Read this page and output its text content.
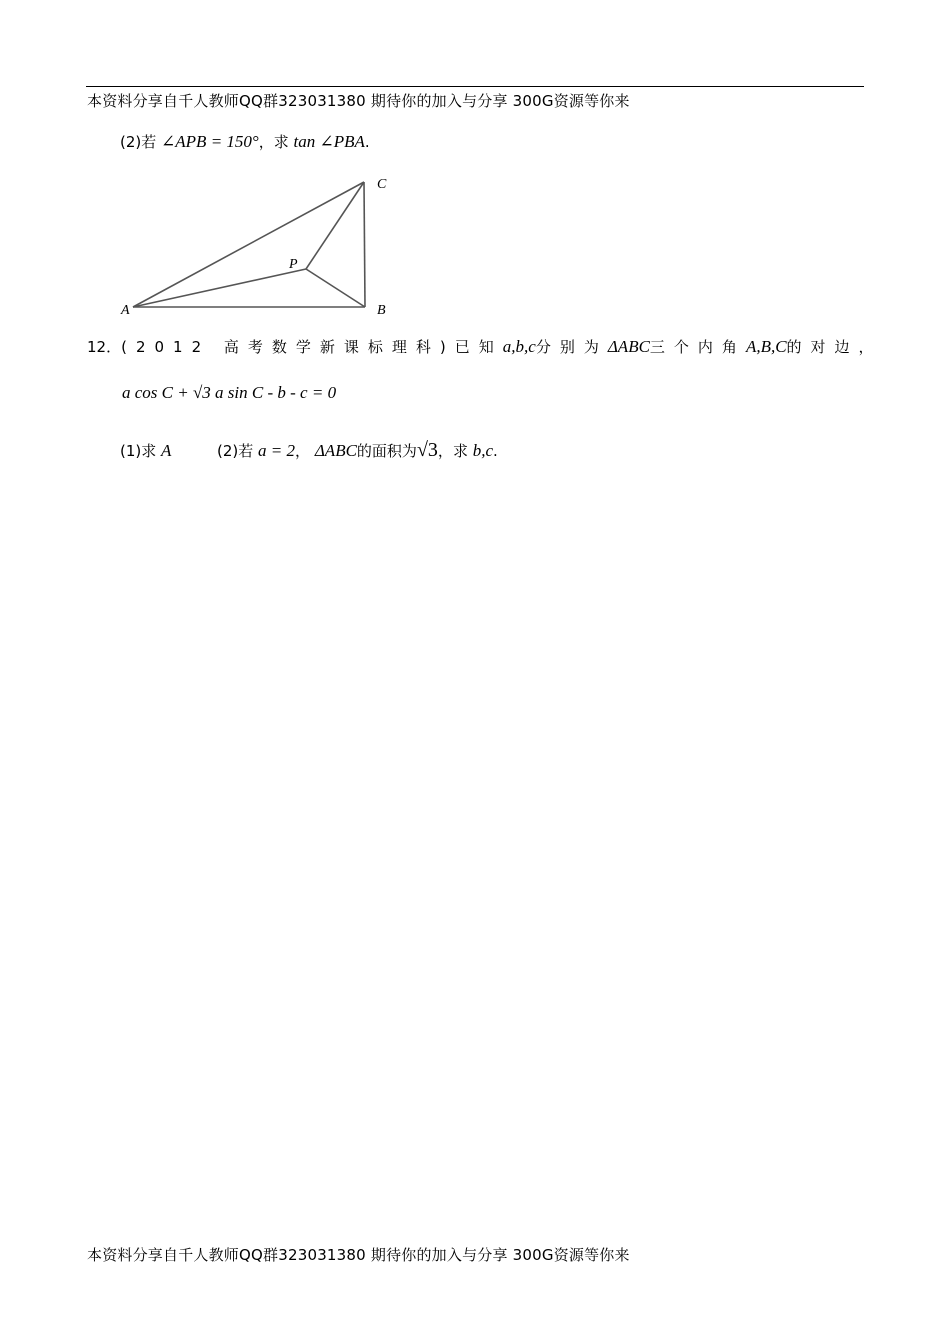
本资料分享自千人教师QQ群323031380 期待你的加入与分享 300G资源等你来
(2)若 ∠APB = 150°，求 tan ∠PBA.
A	B
C
P
12． (2012 高考数学新课标理科) 已知 a,b,c 分别为 ΔABC 三个内角 A,B,C 的对边，
a cos C + √3 a sin C - b - c = 0
(1)求 A	(2)若 a = 2， ΔABC的面积为√3，求 b,c.
本资料分享自千人教师QQ群323031380 期待你的加入与分享 300G资源等你来
